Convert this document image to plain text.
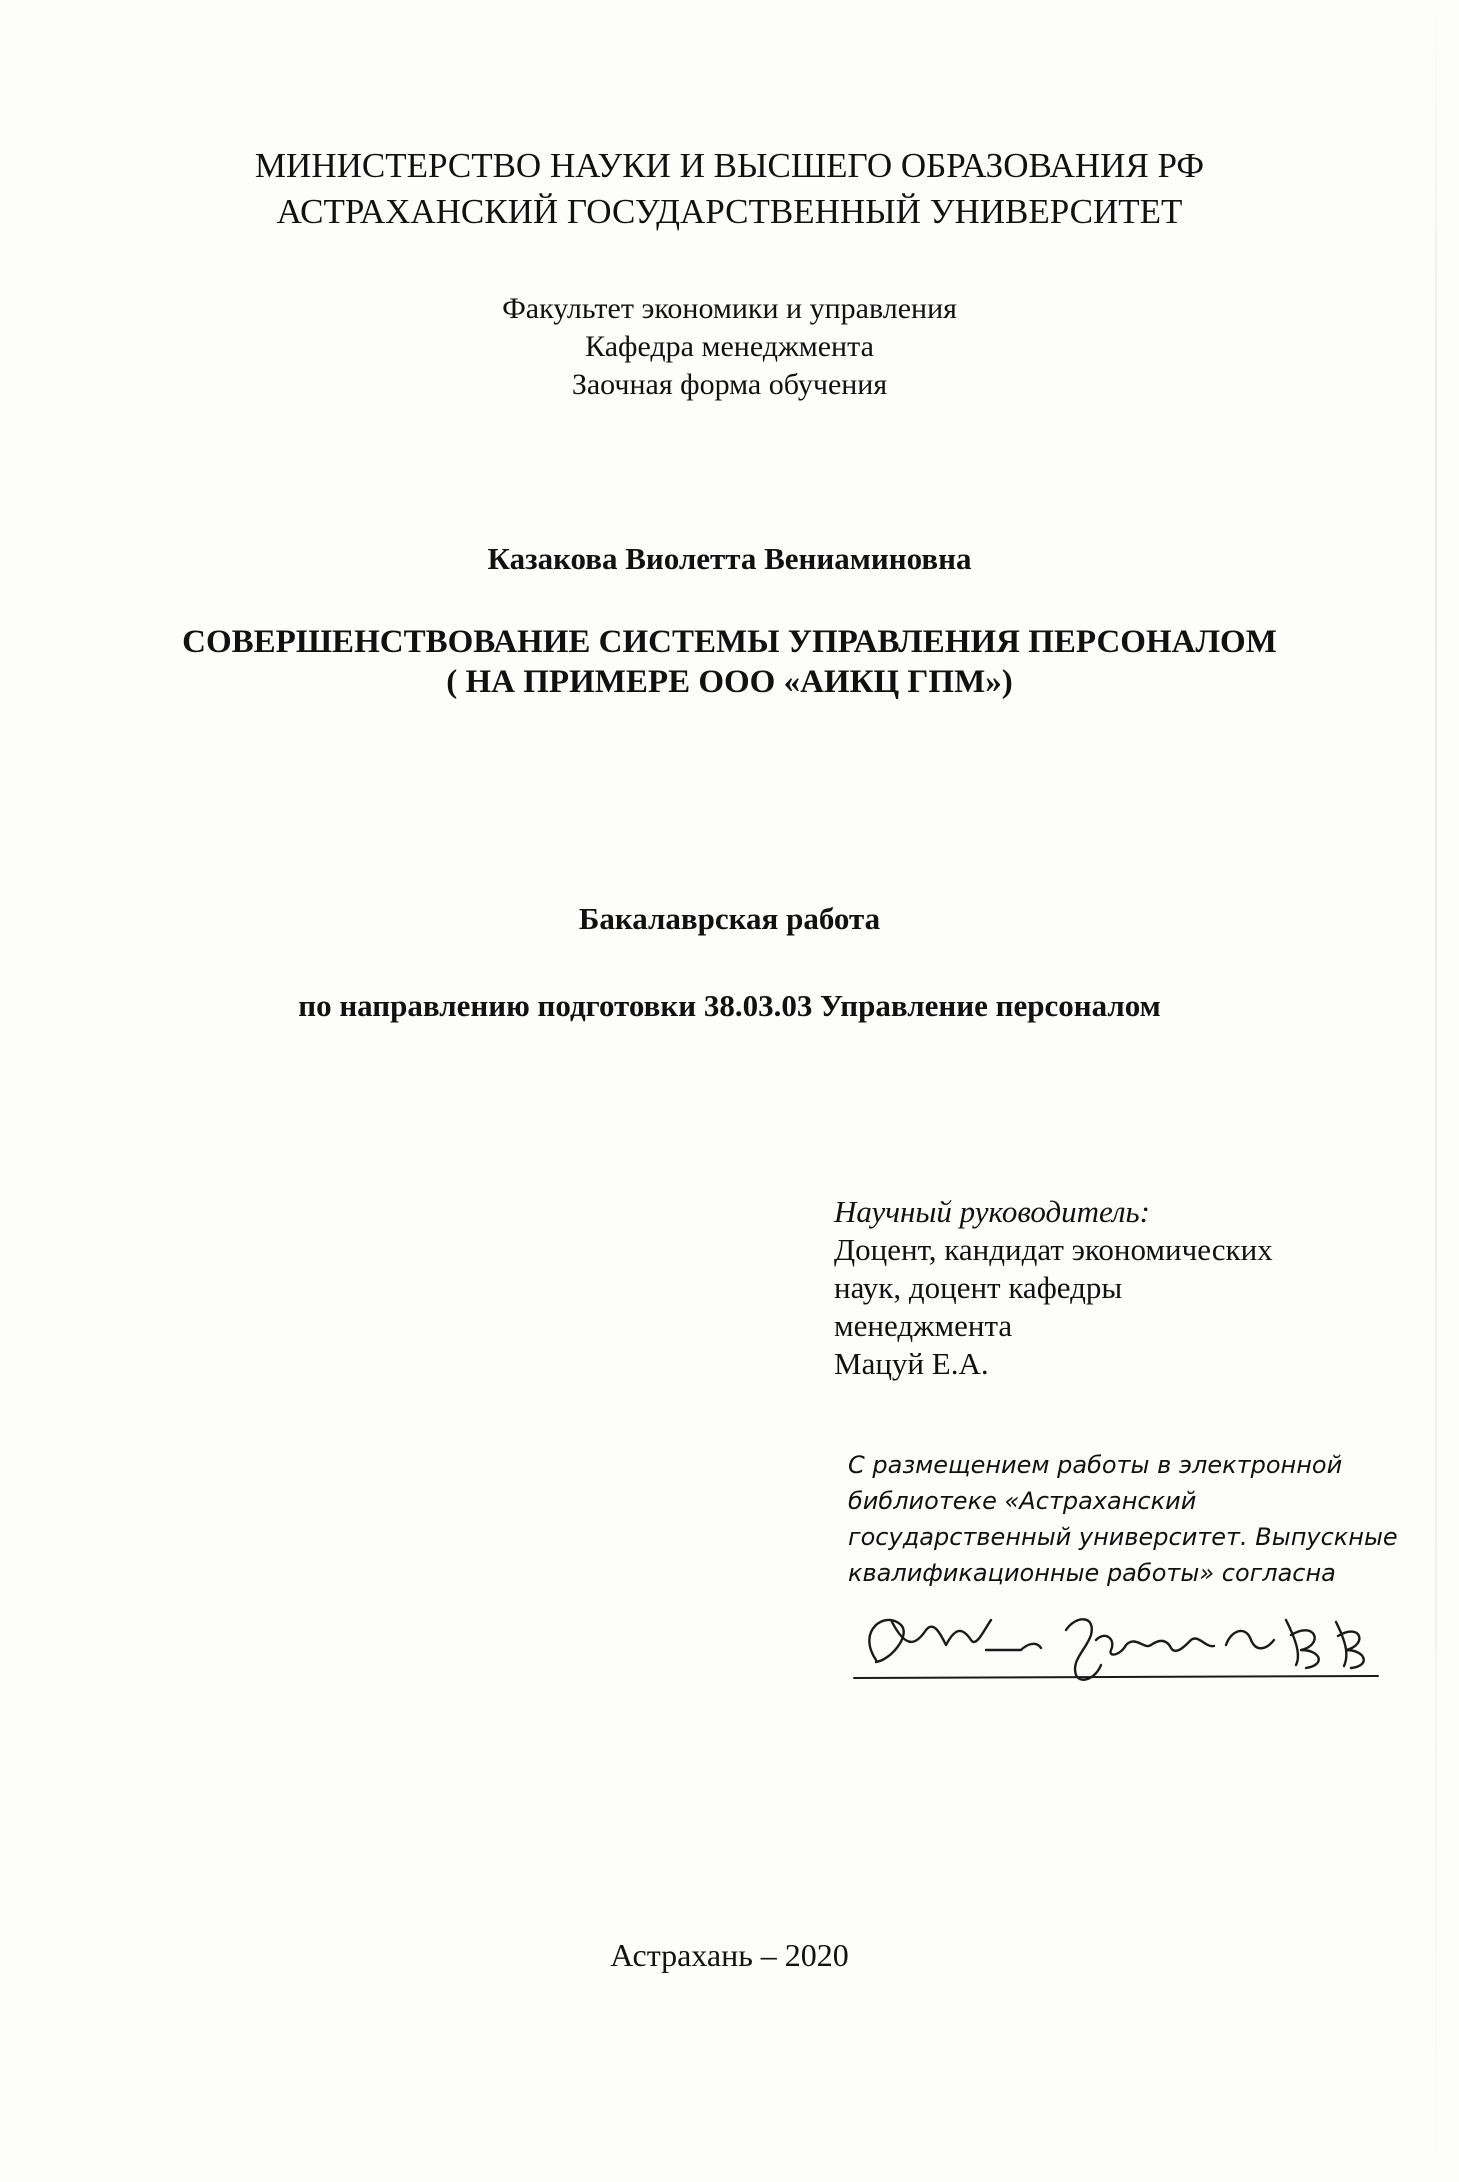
МИНИСТЕРСТВО НАУКИ И ВЫСШЕГО ОБРАЗОВАНИЯ РФ
АСТРАХАНСКИЙ ГОСУДАРСТВЕННЫЙ УНИВЕРСИТЕТ
Факультет экономики и управления
Кафедра менеджмента
Заочная форма обучения
Казакова Виолетта Вениаминовна
СОВЕРШЕНСТВОВАНИЕ СИСТЕМЫ УПРАВЛЕНИЯ ПЕРСОНАЛОМ
( НА ПРИМЕРЕ ООО «АИКЦ ГПМ»)
Бакалаврская работа
по направлению подготовки 38.03.03 Управление персоналом
Научный руководитель:
Доцент, кандидат экономических
наук, доцент кафедры
менеджмента
Мацуй Е.А.
С размещением работы в электронной
библиотеке «Астраханский
государственный университет. Выпускные
квалификационные работы» согласна
Астрахань – 2020
